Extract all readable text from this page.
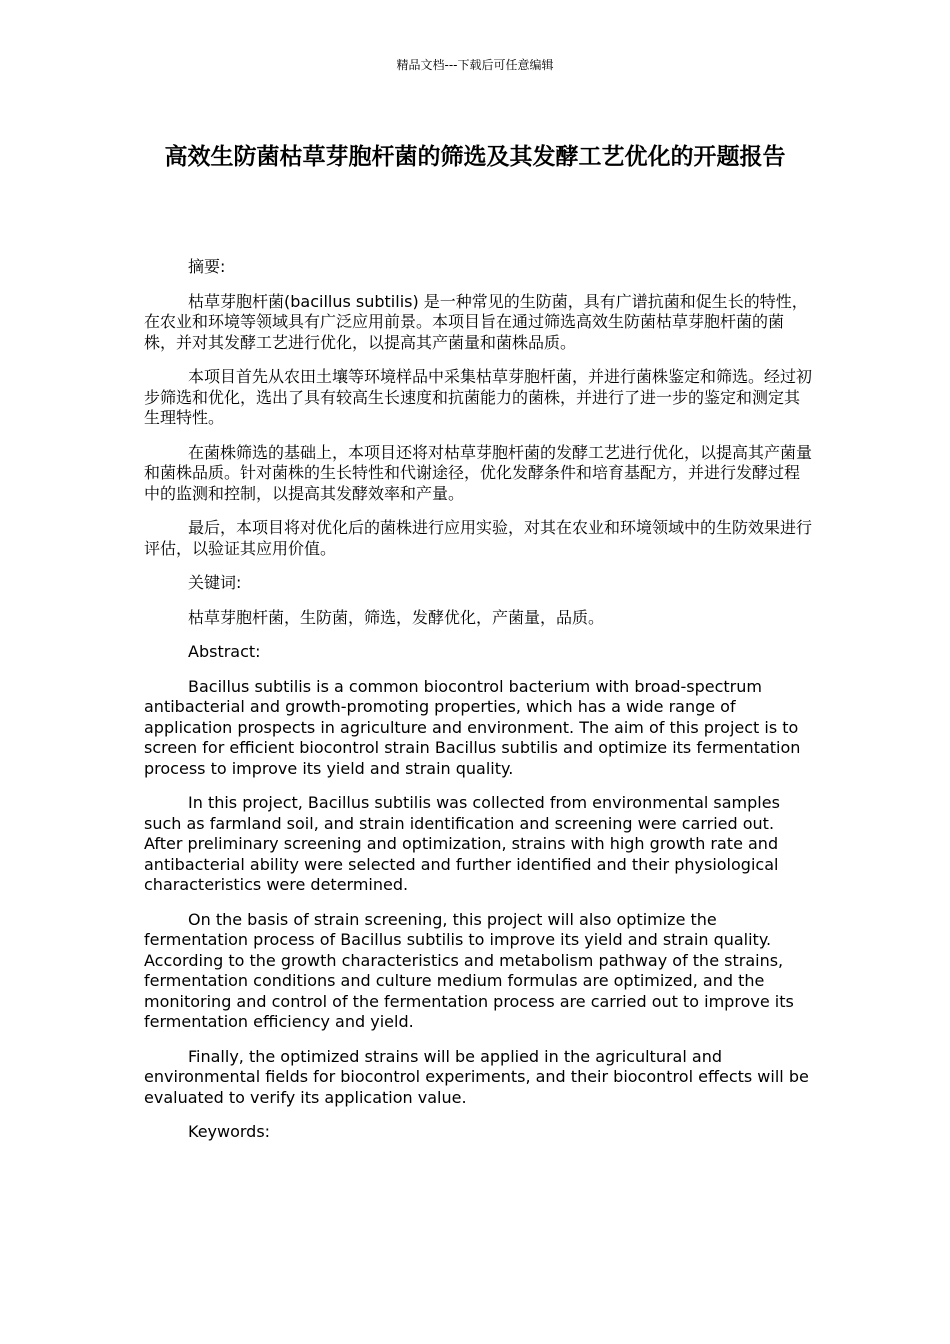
精品文档---下载后可任意编辑
高效生防菌枯草芽胞杆菌的筛选及其发酵工艺优化的开题报告

摘要:

枯草芽胞杆菌(bacillus subtilis) 是一种常见的生防菌，具有广谱抗菌和促生长的特性，在农业和环境等领域具有广泛应用前景。本项目旨在通过筛选高效生防菌枯草芽胞杆菌的菌株，并对其发酵工艺进行优化，以提高其产菌量和菌株品质。

本项目首先从农田土壤等环境样品中采集枯草芽胞杆菌，并进行菌株鉴定和筛选。经过初步筛选和优化，选出了具有较高生长速度和抗菌能力的菌株，并进行了进一步的鉴定和测定其生理特性。

在菌株筛选的基础上，本项目还将对枯草芽胞杆菌的发酵工艺进行优化，以提高其产菌量和菌株品质。针对菌株的生长特性和代谢途径，优化发酵条件和培育基配方，并进行发酵过程中的监测和控制，以提高其发酵效率和产量。

最后，本项目将对优化后的菌株进行应用实验，对其在农业和环境领域中的生防效果进行评估，以验证其应用价值。

关键词:

枯草芽胞杆菌，生防菌，筛选，发酵优化，产菌量，品质。

Abstract:

Bacillus subtilis is a common biocontrol bacterium with broad-spectrum antibacterial and growth-promoting properties, which has a wide range of application prospects in agriculture and environment. The aim of this project is to screen for efficient biocontrol strain Bacillus subtilis and optimize its fermentation process to improve its yield and strain quality.

In this project, Bacillus subtilis was collected from environmental samples such as farmland soil, and strain identification and screening were carried out. After preliminary screening and optimization, strains with high growth rate and antibacterial ability were selected and further identified and their physiological characteristics were determined.

On the basis of strain screening, this project will also optimize the fermentation process of Bacillus subtilis to improve its yield and strain quality. According to the growth characteristics and metabolism pathway of the strains, fermentation conditions and culture medium formulas are optimized, and the monitoring and control of the fermentation process are carried out to improve its fermentation efficiency and yield.

Finally, the optimized strains will be applied in the agricultural and environmental fields for biocontrol experiments, and their biocontrol effects will be evaluated to verify its application value.

Keywords:
